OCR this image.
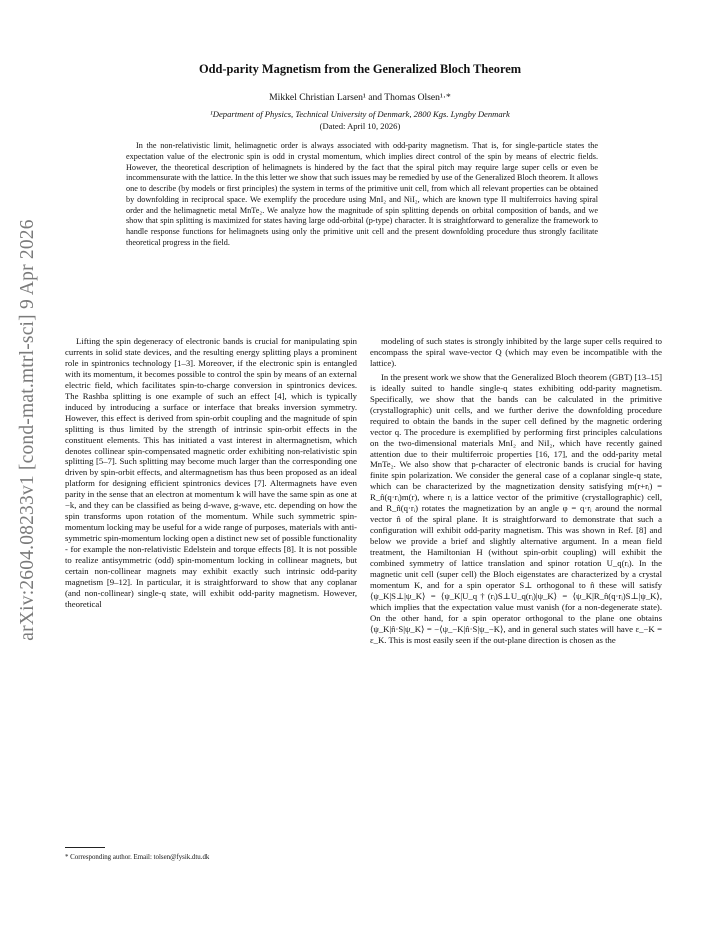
arXiv:2604.08233v1 [cond-mat.mtrl-sci] 9 Apr 2026
Odd-parity Magnetism from the Generalized Bloch Theorem
Mikkel Christian Larsen¹ and Thomas Olsen¹·*
¹Department of Physics, Technical University of Denmark, 2800 Kgs. Lyngby Denmark
(Dated: April 10, 2026)

In the non-relativistic limit, helimagnetic order is always associated with odd-parity magnetism. That is, for single-particle states the expectation value of the electronic spin is odd in crystal momentum, which implies direct control of the spin by means of electric fields. However, the theoretical description of helimagnets is hindered by the fact that the spiral pitch may require large super cells or even be incommensurate with the lattice. In the this letter we show that such issues may be remedied by use of the Generalized Bloch theorem. It allows one to describe (by models or first principles) the system in terms of the primitive unit cell, from which all relevant properties can be obtained by downfolding in reciprocal space. We exemplify the procedure using MnI₂ and NiI₂, which are known type II multiferroics having spiral order and the helimagnetic metal MnTe₂. We analyze how the magnitude of spin splitting depends on orbital composition of bands, and we show that spin splitting is maximized for states having large odd-orbital (p-type) character. It is straightforward to generalize the framework to handle response functions for helimagnets using only the primitive unit cell and the present downfolding procedure thus strongly facilitate theoretical progress in the field.

Lifting the spin degeneracy of electronic bands is crucial for manipulating spin currents in solid state devices, and the resulting energy splitting plays a prominent role in spintronics technology [1–3]. Moreover, if the electronic spin is entangled with its momentum, it becomes possible to control the spin by means of an external electric field, which facilitates spin-to-charge conversion in spintronics devices. The Rashba splitting is one example of such an effect [4], which is typically induced by introducing a surface or interface that breaks inversion symmetry. However, this effect is derived from spin-orbit coupling and the magnitude of spin splitting is thus limited by the strength of intrinsic spin-orbit effects in the constituent elements. This has initiated a vast interest in altermagnetism, which denotes collinear spin-compensated magnetic order exhibiting non-relativistic spin splitting [5–7]. Such splitting may become much larger than the corresponding one driven by spin-orbit effects, and altermagnetism has thus been proposed as an ideal platform for designing efficient spintronics devices [7]. Altermagnets have even parity in the sense that an electron at momentum k will have the same spin as one at −k, and they can be classified as being d-wave, g-wave, etc. depending on how the spin transforms upon rotation of the momentum. While such symmetric spin-momentum locking may be useful for a wide range of purposes, materials with anti-symmetric spin-momentum locking open a distinct new set of possible functionality - for example the non-relativistic Edelstein and torque effects [8]. It is not possible to realize antisymmetric (odd) spin-momentum locking in collinear magnets, but certain non-collinear magnets may exhibit exactly such intrinsic odd-parity magnetism [9–12]. In particular, it is straightforward to show that any coplanar (and non-collinear) single-q state, will exhibit odd-parity magnetism. However, theoretical

modeling of such states is strongly inhibited by the large super cells required to encompass the spiral wave-vector Q (which may even be incompatible with the lattice).

In the present work we show that the Generalized Bloch theorem (GBT) [13–15] is ideally suited to handle single-q states exhibiting odd-parity magnetism. Specifically, we show that the bands can be calculated in the primitive (crystallographic) unit cells, and we further derive the downfolding procedure required to obtain the bands in the super cell defined by the magnetic ordering vector q. The procedure is exemplified by performing first principles calculations on the two-dimensional materials MnI₂ and NiI₂, which have recently gained attention due to their multiferroic properties [16, 17], and the odd-parity metal MnTe₂. We also show that p-character of electronic bands is crucial for having finite spin polarization. We consider the general case of a coplanar single-q state, which can be characterized by the magnetization density satisfying m(r+rᵢ) = R_n̂(q·rᵢ)m(r), where rᵢ is a lattice vector of the primitive (crystallographic) cell, and R_n̂(q·rᵢ) rotates the magnetization by an angle φ = q·rᵢ around the normal vector n̂ of the spiral plane. It is straightforward to demonstrate that such a configuration will exhibit odd-parity magnetism. This was shown in Ref. [8] and below we provide a brief and slightly alternative argument. In a mean field treatment, the Hamiltonian H (without spin-orbit coupling) will exhibit the combined symmetry of lattice translation and spinor rotation U_q(rᵢ). In the magnetic unit cell (super cell) the Bloch eigenstates are characterized by a crystal momentum K, and for a spin operator S⊥ orthogonal to n̂ these will satisfy ⟨ψ_K|S⊥|ψ_K⟩ = ⟨ψ_K|U_q†(rᵢ)S⊥U_q(rᵢ)|ψ_K⟩ = ⟨ψ_K|R_n̂(q·rᵢ)S⊥|ψ_K⟩, which implies that the expectation value must vanish (for a non-degenerate state). On the other hand, for a spin operator orthogonal to the plane one obtains ⟨ψ_K|n̂·S|ψ_K⟩ = −⟨ψ_−K|n̂·S|ψ_−K⟩, and in general such states will have ε_−K = ε_K. This is most easily seen if the out-plane direction is chosen as the

* Corresponding author. Email: tolsen@fysik.dtu.dk
